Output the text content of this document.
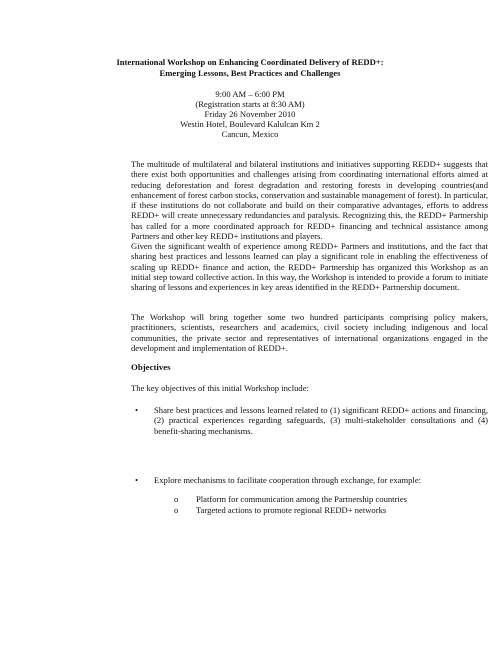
International Workshop on Enhancing Coordinated Delivery of REDD+:
Emerging Lessons, Best Practices and Challenges
9:00 AM – 6:00 PM
(Registration starts at 8:30 AM)
Friday 26 November 2010
Westin Hotel, Boulevard Kalulcan Km 2
Cancun, Mexico

The multitude of multilateral and bilateral institutions and initiatives supporting REDD+ suggests that there exist both opportunities and challenges arising from coordinating international efforts aimed at reducing deforestation and forest degradation and restoring forests in developing countries(and enhancement of forest carbon stocks, conservation and sustainable management of forest). In particular, if these institutions do not collaborate and build on their comparative advantages, efforts to address REDD+ will create unnecessary redundancies and paralysis. Recognizing this, the REDD+ Partnership has called for a more coordinated approach for REDD+ financing and technical assistance among Partners and other key REDD+ institutions and players.

Given the significant wealth of experience among REDD+ Partners and institutions, and the fact that sharing best practices and lessons learned can play a significant role in enabling the effectiveness of scaling up REDD+ finance and action, the REDD+ Partnership has organized this Workshop as an initial step toward collective action. In this way, the Workshop is intended to provide a forum to initiate sharing of lessons and experiences in key areas identified in the REDD+ Partnership document.

The Workshop will bring together some two hundred participants comprising policy makers, practitioners, scientists, researchers and academics, civil society including indigenous and local communities, the private sector and representatives of international organizations engaged in the development and implementation of REDD+.

Objectives

The key objectives of this initial Workshop include:

• Share best practices and lessons learned related to (1) significant REDD+ actions and financing, (2) practical experiences regarding safeguards, (3) multi-stakeholder consultations and (4) benefit-sharing mechanisms.

• Explore mechanisms to facilitate cooperation through exchange, for example:

o Platform for communication among the Partnership countries
o Targeted actions to promote regional REDD+ networks
